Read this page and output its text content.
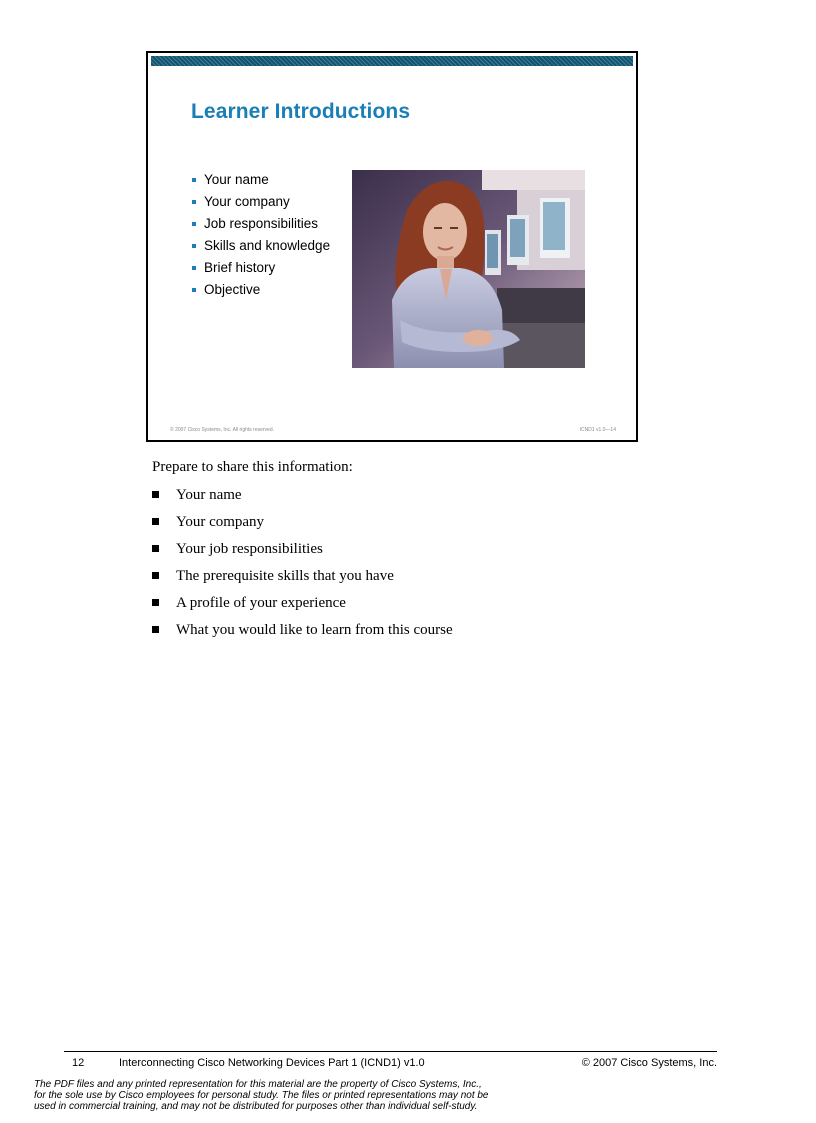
Learner Introductions
Your name
Your company
Job responsibilities
Skills and knowledge
Brief history
Objective
© 2007 Cisco Systems, Inc. All rights reserved.	ICND1 v1.0—14

Prepare to share this information:

Your name
Your company
Your job responsibilities
The prerequisite skills that you have
A profile of your experience
What you would like to learn from this course
12	Interconnecting Cisco Networking Devices Part 1 (ICND1) v1.0	© 2007 Cisco Systems, Inc.

The PDF files and any printed representation for this material are the property of Cisco Systems, Inc.,
for the sole use by Cisco employees for personal study. The files or printed representations may not be
used in commercial training, and may not be distributed for purposes other than individual self-study.
